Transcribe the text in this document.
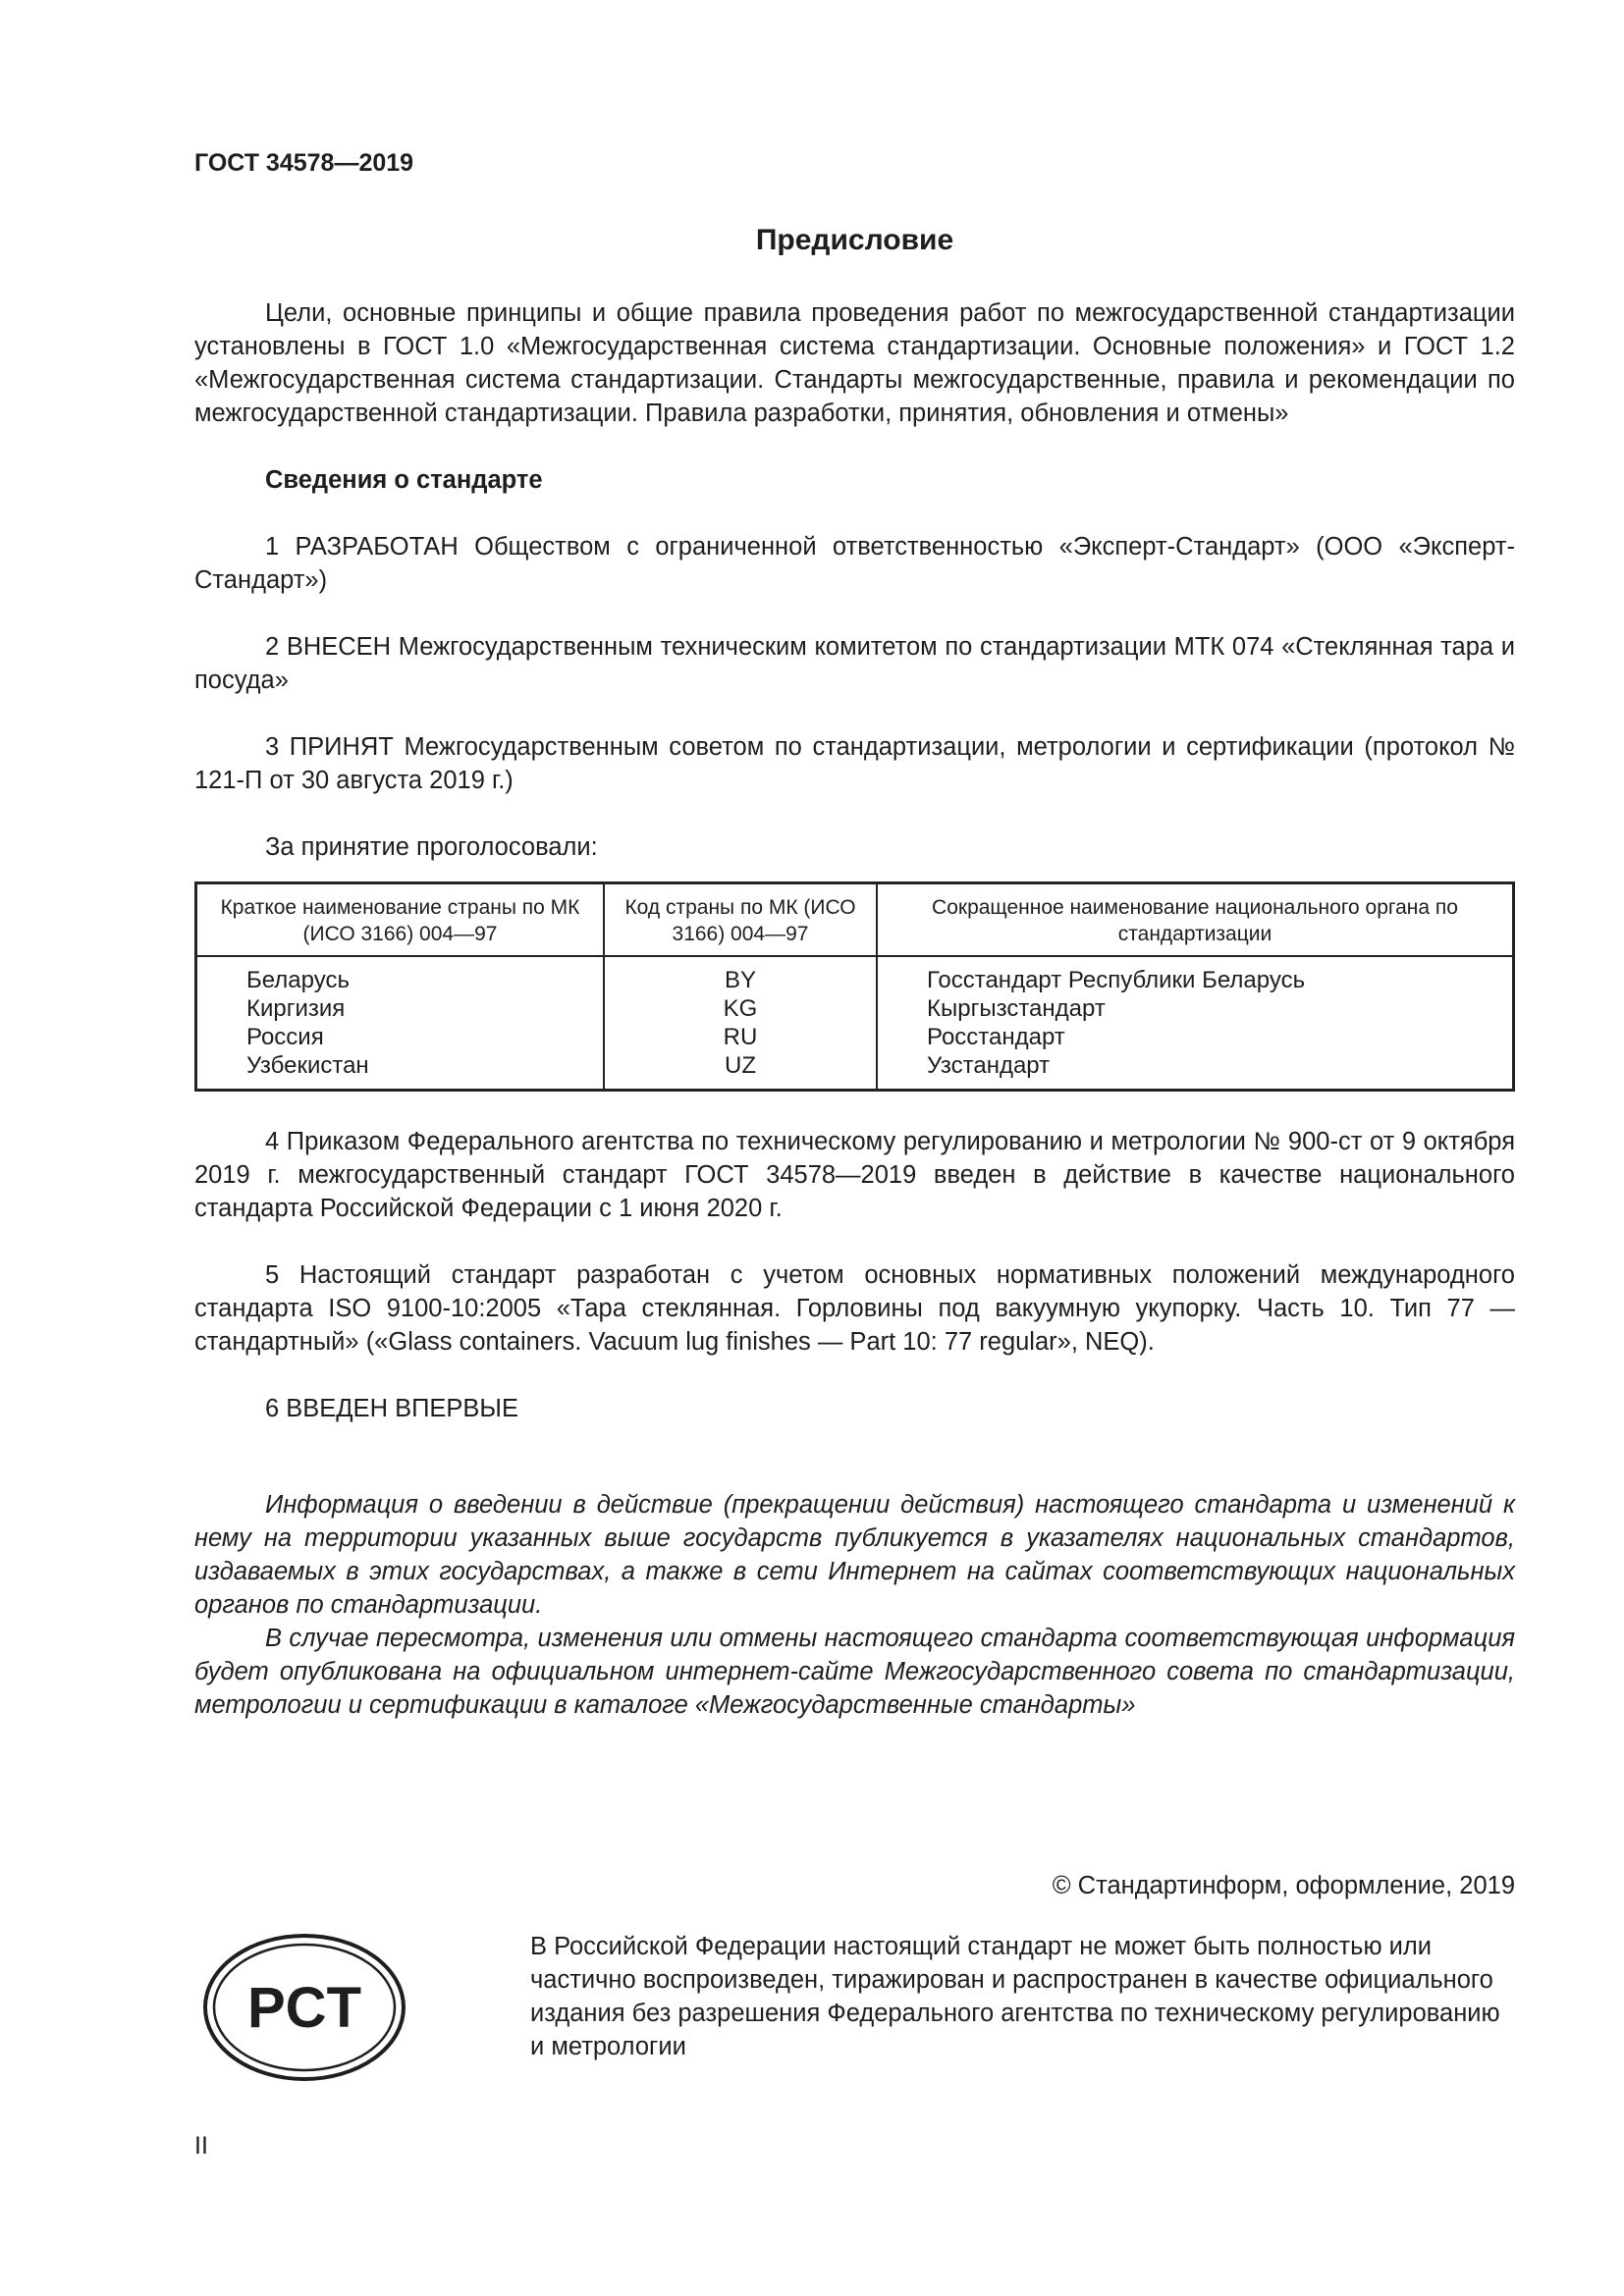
ГОСТ 34578—2019

Предисловие

Цели, основные принципы и общие правила проведения работ по межгосударственной стандартизации установлены в ГОСТ 1.0 «Межгосударственная система стандартизации. Основные положения» и ГОСТ 1.2 «Межгосударственная система стандартизации. Стандарты межгосударственные, правила и рекомендации по межгосударственной стандартизации. Правила разработки, принятия, обновления и отмены»

Сведения о стандарте

1 РАЗРАБОТАН Обществом с ограниченной ответственностью «Эксперт-Стандарт» (ООО «Эксперт-Стандарт»)

2 ВНЕСЕН Межгосударственным техническим комитетом по стандартизации МТК 074 «Стеклянная тара и посуда»

3 ПРИНЯТ Межгосударственным советом по стандартизации, метрологии и сертификации (протокол № 121-П от 30 августа 2019 г.)

За принятие проголосовали:

Краткое наименование страны по МК (ИСО 3166) 004—97	Код страны по МК (ИСО 3166) 004—97	Сокращенное наименование национального органа по стандартизации
Беларусь	BY	Госстандарт Республики Беларусь
Киргизия	KG	Кыргызстандарт
Россия	RU	Росстандарт
Узбекистан	UZ	Узстандарт

4 Приказом Федерального агентства по техническому регулированию и метрологии № 900-ст от 9 октября 2019 г. межгосударственный стандарт ГОСТ 34578—2019 введен в действие в качестве национального стандарта Российской Федерации с 1 июня 2020 г.

5 Настоящий стандарт разработан с учетом основных нормативных положений международного стандарта ISO 9100-10:2005 «Тара стеклянная. Горловины под вакуумную укупорку. Часть 10. Тип 77 — стандартный» («Glass containers. Vacuum lug finishes — Part 10: 77 regular», NEQ).

6 ВВЕДЕН ВПЕРВЫЕ

Информация о введении в действие (прекращении действия) настоящего стандарта и изменений к нему на территории указанных выше государств публикуется в указателях национальных стандартов, издаваемых в этих государствах, а также в сети Интернет на сайтах соответствующих национальных органов по стандартизации.

В случае пересмотра, изменения или отмены настоящего стандарта соответствующая информация будет опубликована на официальном интернет-сайте Межгосударственного совета по стандартизации, метрологии и сертификации в каталоге «Межгосударственные стандарты»

© Стандартинформ, оформление, 2019
PCT

В Российской Федерации настоящий стандарт не может быть полностью или частично воспроизведен, тиражирован и распространен в качестве официального издания без разрешения Федерального агентства по техническому регулированию и метрологии

II
